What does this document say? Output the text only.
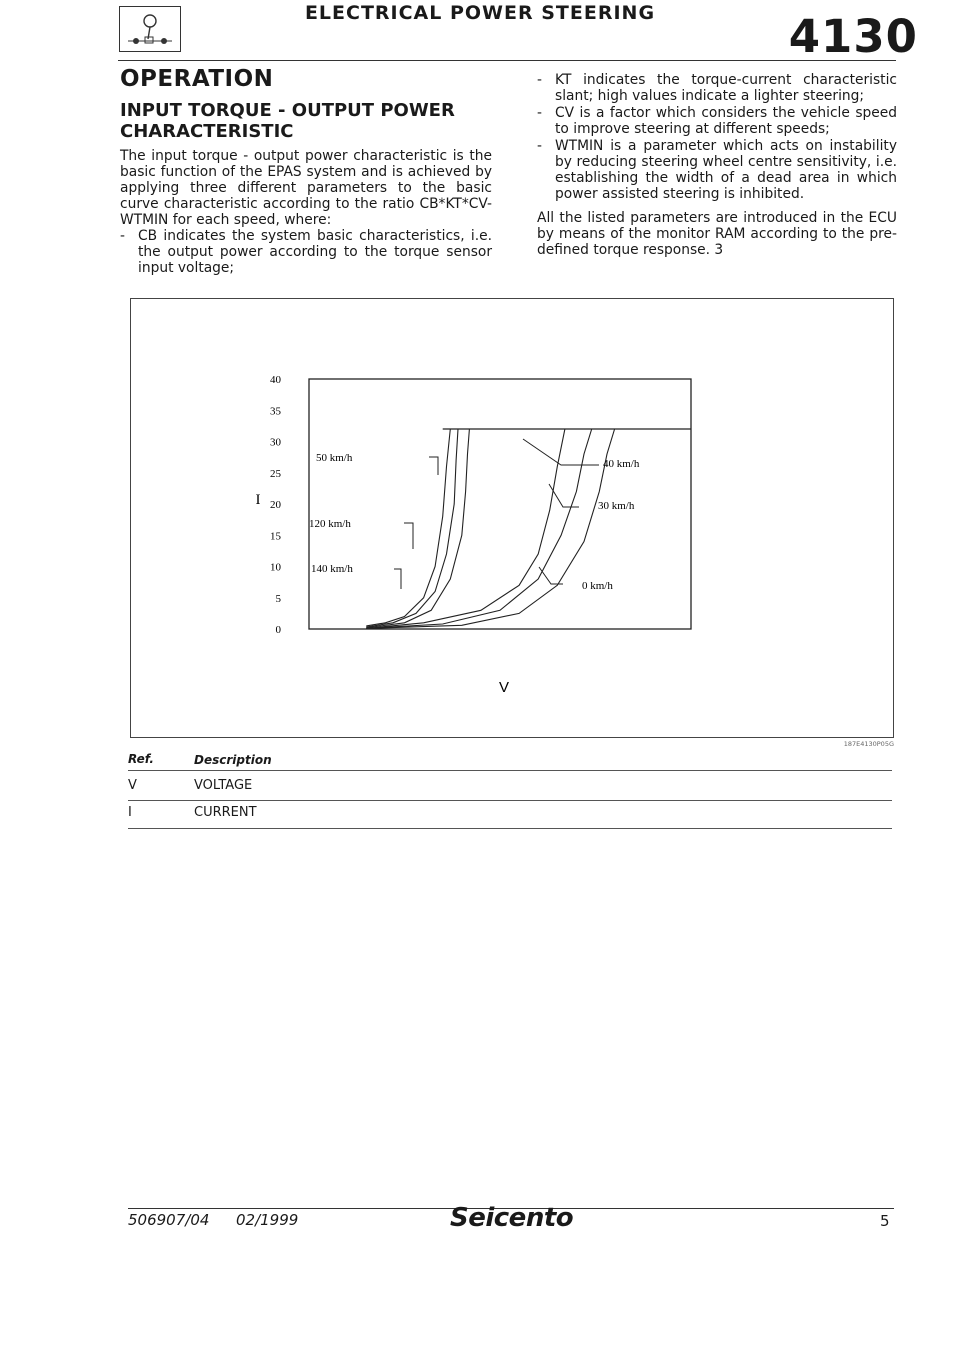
ELECTRICAL POWER STEERING	4130
OPERATION
INPUT TORQUE - OUTPUT POWER CHARACTERISTIC
The input torque - output power characteristic is the basic function of the EPAS system and is achieved by applying three different parameters to the basic curve characteristic according to the ratio CB*KT*CV-WTMIN for each speed, where:
- CB indicates the system basic characteristics, i.e. the output power according to the torque sensor input voltage;
- KT indicates the torque-current characteristic slant; high values indicate a lighter steering;
- CV is a factor which considers the vehicle speed to improve steering at different speeds;
- WTMIN is a parameter which acts on instability by reducing steering wheel centre sensitivity, i.e. establishing the width of a dead area in which power assisted steering is inhibited.

All the listed parameters are introduced in the ECU by means of the monitor RAM according to the pre-defined torque response. 3

40
35
30
25
20
15
10
5
0
I
V
50 km/h
120 km/h
140 km/h
40 km/h
30 km/h
0 km/h
187E4130P05G
Ref.	Description
V	VOLTAGE
I	CURRENT
506907/04 02/1999	Seicento	5
